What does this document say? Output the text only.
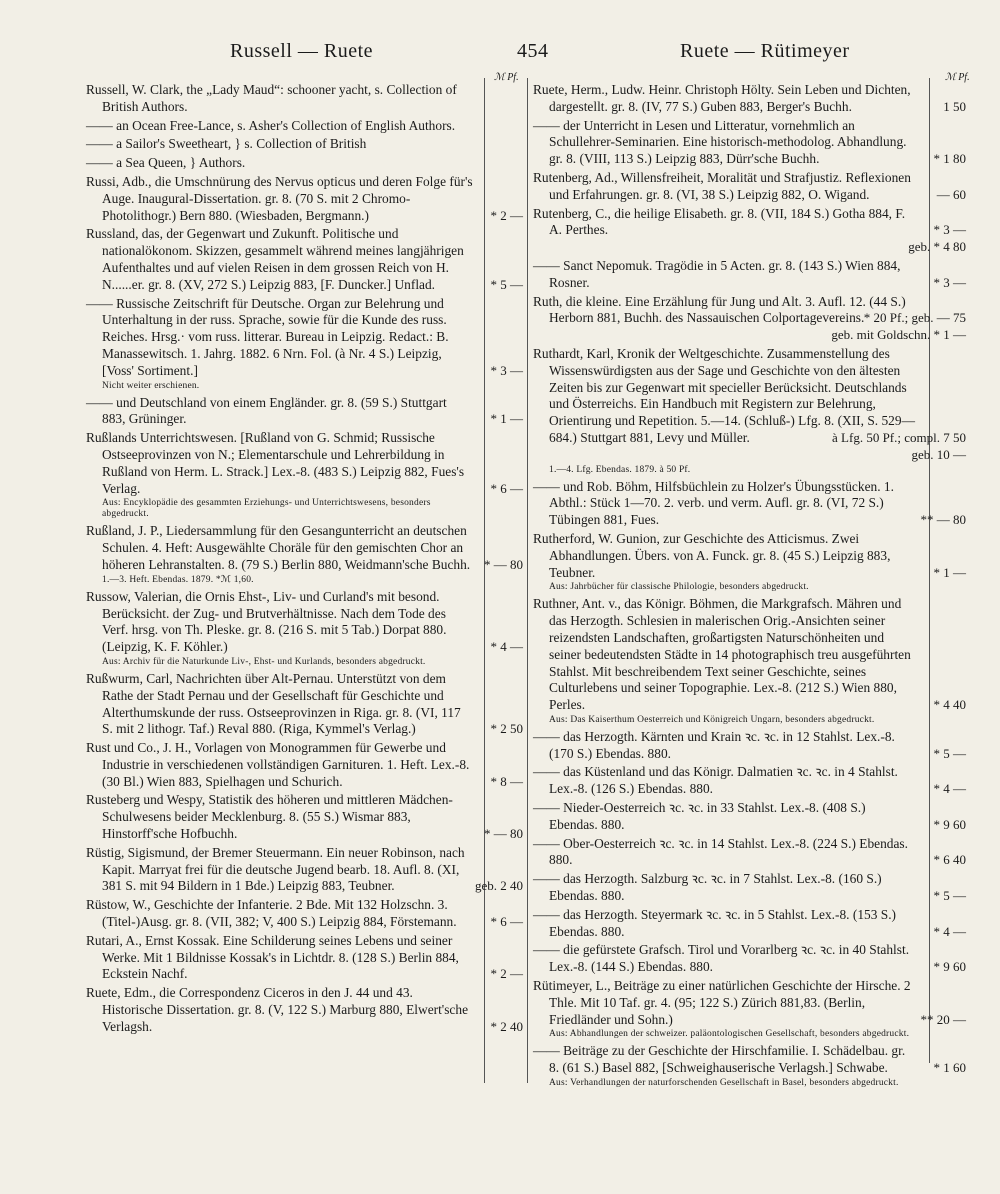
Russell — Ruete	454	Ruete — Rütimeyer
ℳ Pf.	ℳ Pf.
Russell, W. Clark, the „Lady Maud“: schooner yacht, s. Collection of British Authors.
—— an Ocean Free-Lance, s. Asher's Collection of English Authors.
—— a Sailor's Sweetheart, } s. Collection of British
—— a Sea Queen, } Authors.
Russi, Adb., die Umschnürung des Nervus opticus und deren Folge für's Auge. Inaugural-Dissertation. gr. 8. (70 S. mit 2 Chromo-Photolithogr.) Bern 880. (Wiesbaden, Bergmann.)	* 2 —
Russland, das, der Gegenwart und Zukunft. Politische und nationalökonom. Skizzen, gesammelt während meines langjährigen Aufenthaltes und auf vielen Reisen in dem grossen Reich von H. N......er. gr. 8. (XV, 272 S.) Leipzig 883, [F. Duncker.] Unflad.	* 5 —
—— Russische Zeitschrift für Deutsche. Organ zur Belehrung und Unterhaltung in der russ. Sprache, sowie für die Kunde des russ. Reiches. Hrsg.· vom russ. litterar. Bureau in Leipzig. Redact.: B. Manassewitsch. 1. Jahrg. 1882. 6 Nrn. Fol. (à Nr. 4 S.) Leipzig, [Voss' Sortiment.]	* 3 —
Nicht weiter erschienen.
—— und Deutschland von einem Engländer. gr. 8. (59 S.) Stuttgart 883, Grüninger.	* 1 —
Rußlands Unterrichtswesen. [Rußland von G. Schmid; Russische Ostseeprovinzen von N.; Elementarschule und Lehrerbildung in Rußland von Herm. L. Strack.] Lex.-8. (483 S.) Leipzig 882, Fues's Verlag.	* 6 —
Aus: Encyklopädie des gesammten Erziehungs- und Unterrichtswesens, besonders abgedruckt.
Rußland, J. P., Liedersammlung für den Gesangunterricht an deutschen Schulen. 4. Heft: Ausgewählte Choräle für den gemischten Chor an höheren Lehranstalten. 8. (79 S.) Berlin 880, Weidmann'sche Buchh.	* — 80
1.—3. Heft. Ebendas. 1879. *ℳ 1,60.
Russow, Valerian, die Ornis Ehst-, Liv- und Curland's mit besond. Berücksicht. der Zug- und Brutverhältnisse. Nach dem Tode des Verf. hrsg. von Th. Pleske. gr. 8. (216 S. mit 5 Tab.) Dorpat 880. (Leipzig, K. F. Köhler.)	* 4 —
Aus: Archiv für die Naturkunde Liv-, Ehst- und Kurlands, besonders abgedruckt.
Rußwurm, Carl, Nachrichten über Alt-Pernau. Unterstützt von dem Rathe der Stadt Pernau und der Gesellschaft für Geschichte und Alterthumskunde der russ. Ostseeprovinzen in Riga. gr. 8. (VI, 117 S. mit 2 lithogr. Taf.) Reval 880. (Riga, Kymmel's Verlag.)	* 2 50
Rust und Co., J. H., Vorlagen von Monogrammen für Gewerbe und Industrie in verschiedenen vollständigen Garnituren. 1. Heft. Lex.-8. (30 Bl.) Wien 883, Spielhagen und Schurich.	* 8 —
Rusteberg und Wespy, Statistik des höheren und mittleren Mädchen-Schulwesens beider Mecklenburg. 8. (55 S.) Wismar 883, Hinstorff'sche Hofbuchh.	* — 80
Rüstig, Sigismund, der Bremer Steuermann. Ein neuer Robinson, nach Kapit. Marryat frei für die deutsche Jugend bearb. 18. Aufl. 8. (XI, 381 S. mit 94 Bildern in 1 Bde.) Leipzig 883, Teubner.	geb. 2 40
Rüstow, W., Geschichte der Infanterie. 2 Bde. Mit 132 Holzschn. 3. (Titel-)Ausg. gr. 8. (VII, 382; V, 400 S.) Leipzig 884, Förstemann.	* 6 —
Rutari, A., Ernst Kossak. Eine Schilderung seines Lebens und seiner Werke. Mit 1 Bildnisse Kossak's in Lichtdr. 8. (128 S.) Berlin 884, Eckstein Nachf.	* 2 —
Ruete, Edm., die Correspondenz Ciceros in den J. 44 und 43. Historische Dissertation. gr. 8. (V, 122 S.) Marburg 880, Elwert'sche Verlagsh.	* 2 40
Ruete, Herm., Ludw. Heinr. Christoph Hölty. Sein Leben und Dichten, dargestellt. gr. 8. (IV, 77 S.) Guben 883, Berger's Buchh.	1 50
—— der Unterricht in Lesen und Litteratur, vornehmlich an Schullehrer-Seminarien. Eine historisch-methodolog. Abhandlung. gr. 8. (VIII, 113 S.) Leipzig 883, Dürr'sche Buchh.	* 1 80
Rutenberg, Ad., Willensfreiheit, Moralität und Strafjustiz. Reflexionen und Erfahrungen. gr. 8. (VI, 38 S.) Leipzig 882, O. Wigand.	— 60
Rutenberg, C., die heilige Elisabeth. gr. 8. (VII, 184 S.) Gotha 884, F. A. Perthes.	* 3 —
geb. * 4 80
—— Sanct Nepomuk. Tragödie in 5 Acten. gr. 8. (143 S.) Wien 884, Rosner.	* 3 —
Ruth, die kleine. Eine Erzählung für Jung und Alt. 3. Aufl. 12. (44 S.) Herborn 881, Buchh. des Nassauischen Colportagevereins. * 20 Pf.; geb. — 75
geb. mit Goldschn. * 1 —
Ruthardt, Karl, Kronik der Weltgeschichte. Zusammenstellung des Wissenswürdigsten aus der Sage und Geschichte von den ältesten Zeiten bis zur Gegenwart mit specieller Berücksicht. Deutschlands und Österreichs. Ein Handbuch mit Registern zur Belehrung, Orientirung und Repetition. 5.—14. (Schluß-) Lfg. 8. (XII, S. 529—684.) Stuttgart 881, Levy und Müller.	à Lfg. 50 Pf.; compl. 7 50
geb. 10 —
1.—4. Lfg. Ebendas. 1879. à 50 Pf.
—— und Rob. Böhm, Hilfsbüchlein zu Holzer's Übungsstücken. 1. Abthl.: Stück 1—70. 2. verb. und verm. Aufl. gr. 8. (VI, 72 S.) Tübingen 881, Fues.	** — 80
Rutherford, W. Gunion, zur Geschichte des Atticismus. Zwei Abhandlungen. Übers. von A. Funck. gr. 8. (45 S.) Leipzig 883, Teubner.	* 1 —
Aus: Jahrbücher für classische Philologie, besonders abgedruckt.
Ruthner, Ant. v., das Königr. Böhmen, die Markgrafsch. Mähren und das Herzogth. Schlesien in malerischen Orig.-Ansichten seiner reizendsten Landschaften, großartigsten Naturschönheiten und seiner bedeutendsten Städte in 14 photographisch treu ausgeführten Stahlst. Mit beschreibendem Text seiner Geschichte, seines Culturlebens und seiner Topographie. Lex.-8. (212 S.) Wien 880, Perles.	* 4 40
Aus: Das Kaiserthum Oesterreich und Königreich Ungarn, besonders abgedruckt.
—— das Herzogth. Kärnten und Krain ꝛc. ꝛc. in 12 Stahlst. Lex.-8. (170 S.) Ebendas. 880.	* 5 —
—— das Küstenland und das Königr. Dalmatien ꝛc. ꝛc. in 4 Stahlst. Lex.-8. (126 S.) Ebendas. 880.	* 4 —
—— Nieder-Oesterreich ꝛc. ꝛc. in 33 Stahlst. Lex.-8. (408 S.) Ebendas. 880.	* 9 60
—— Ober-Oesterreich ꝛc. ꝛc. in 14 Stahlst. Lex.-8. (224 S.) Ebendas. 880.	* 6 40
—— das Herzogth. Salzburg ꝛc. ꝛc. in 7 Stahlst. Lex.-8. (160 S.) Ebendas. 880.	* 5 —
—— das Herzogth. Steyermark ꝛc. ꝛc. in 5 Stahlst. Lex.-8. (153 S.) Ebendas. 880.	* 4 —
—— die gefürstete Grafsch. Tirol und Vorarlberg ꝛc. ꝛc. in 40 Stahlst. Lex.-8. (144 S.) Ebendas. 880.	* 9 60
Rütimeyer, L., Beiträge zu einer natürlichen Geschichte der Hirsche. 2 Thle. Mit 10 Taf. gr. 4. (95; 122 S.) Zürich 881,83. (Berlin, Friedländer und Sohn.)	** 20 —
Aus: Abhandlungen der schweizer. paläontologischen Gesellschaft, besonders abgedruckt.
—— Beiträge zu der Geschichte der Hirschfamilie. I. Schädelbau. gr. 8. (61 S.) Basel 882, [Schweighauserische Verlagsh.] Schwabe.	* 1 60
Aus: Verhandlungen der naturforschenden Gesellschaft in Basel, besonders abgedruckt.
